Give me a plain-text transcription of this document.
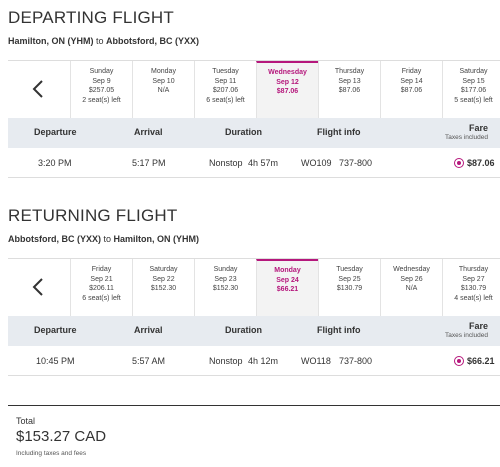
DEPARTING FLIGHT
Hamilton, ON (YHM) to Abbotsford, BC (YXX)
Sunday
Sep 9
$257.05
2 seat(s) left
Monday
Sep 10
N/A
Tuesday
Sep 11
$207.06
6 seat(s) left
Wednesday
Sep 12
$87.06
Thursday
Sep 13
$87.06
Friday
Sep 14
$87.06
Saturday
Sep 15
$177.06
5 seat(s) left
Departure	Arrival	Duration	Flight info	Fare
Taxes included
3:20 PM	5:17 PM	Nonstop 4h 57m	WO109 737-800	$87.06
RETURNING FLIGHT
Abbotsford, BC (YXX) to Hamilton, ON (YHM)
Friday
Sep 21
$206.11
6 seat(s) left
Saturday
Sep 22
$152.30
Sunday
Sep 23
$152.30
Monday
Sep 24
$66.21
Tuesday
Sep 25
$130.79
Wednesday
Sep 26
N/A
Thursday
Sep 27
$130.79
4 seat(s) left
Departure	Arrival	Duration	Flight info	Fare
Taxes included
10:45 PM	5:57 AM	Nonstop 4h 12m	WO118 737-800	$66.21
Total
$153.27 CAD
Including taxes and fees
